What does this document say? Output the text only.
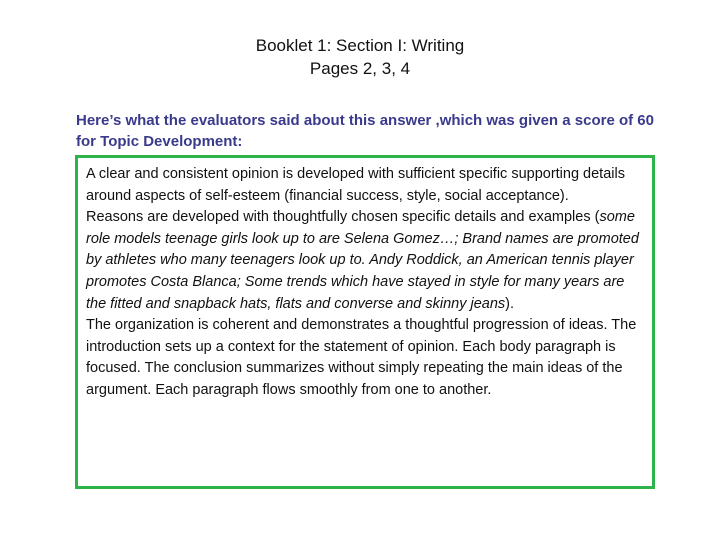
Booklet 1: Section I: Writing
Pages 2, 3, 4
Here’s what the evaluators said about this answer ,which was given a score of 60 for Topic Development:

A clear and consistent opinion is developed with sufficient specific supporting details around aspects of self-esteem (financial success, style, social acceptance).

Reasons are developed with thoughtfully chosen specific details and examples (some role models teenage girls look up to are Selena Gomez…; Brand names are promoted by athletes who many teenagers look up to. Andy Roddick, an American tennis player promotes Costa Blanca; Some trends which have stayed in style for many years are the fitted and snapback hats, flats and converse and skinny jeans).

The organization is coherent and demonstrates a thoughtful progression of ideas. The introduction sets up a context for the statement of opinion. Each body paragraph is focused. The conclusion summarizes without simply repeating the main ideas of the argument. Each paragraph flows smoothly from one to another.
